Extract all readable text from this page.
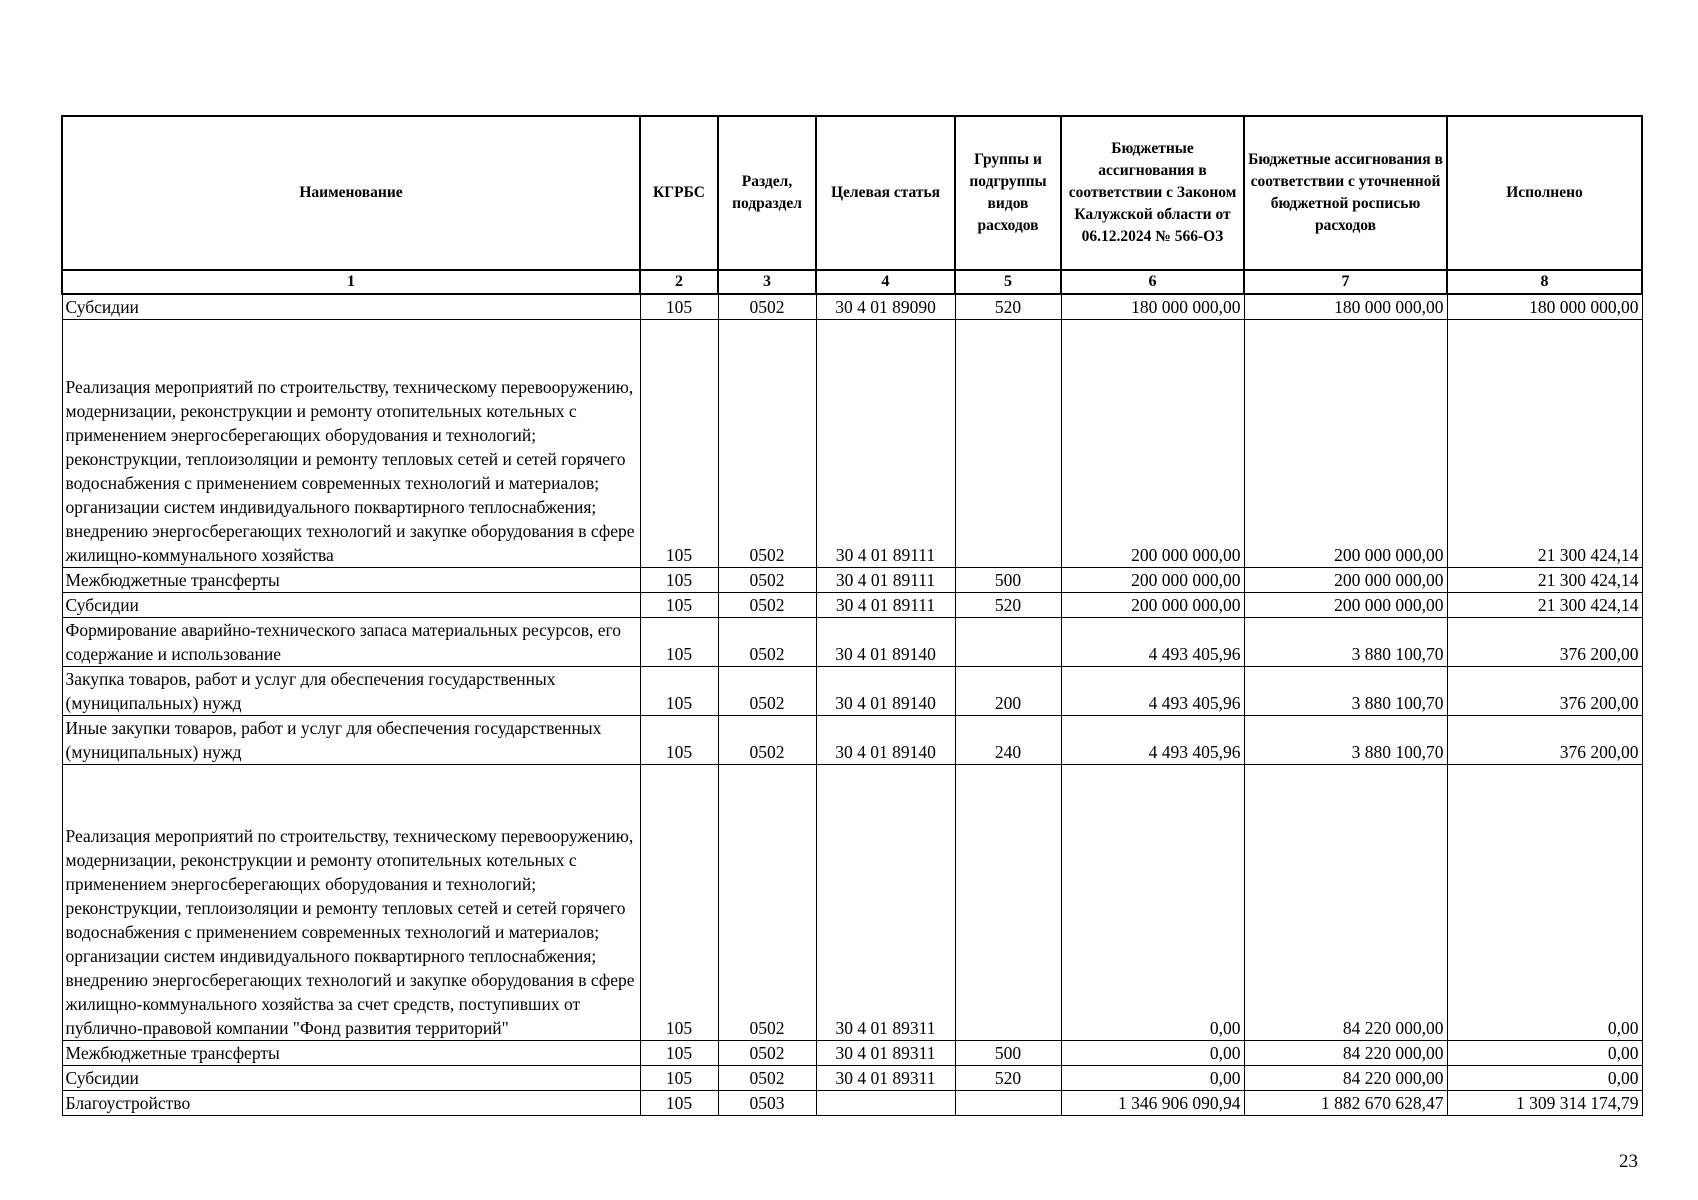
Наименование	КГРБС	Раздел, подраздел	Целевая статья	Группы и подгруппы видов расходов	Бюджетные ассигнования в соответствии с Законом Калужской области от 06.12.2024 № 566-ОЗ	Бюджетные ассигнования в соответствии с уточненной бюджетной росписью расходов	Исполнено
1	2	3	4	5	6	7	8
Субсидии	105	0502	30 4 01 89090	520	180 000 000,00	180 000 000,00	180 000 000,00
Реализация мероприятий по строительству, техническому перевооружению, модернизации, реконструкции и ремонту отопительных котельных с применением энергосберегающих оборудования и технологий; реконструкции, теплоизоляции и ремонту тепловых сетей и сетей горячего водоснабжения с применением современных технологий и материалов; организации систем индивидуального поквартирного теплоснабжения; внедрению энергосберегающих технологий и закупке оборудования в сфере жилищно-коммунального хозяйства	105	0502	30 4 01 89111		200 000 000,00	200 000 000,00	21 300 424,14
Межбюджетные трансферты	105	0502	30 4 01 89111	500	200 000 000,00	200 000 000,00	21 300 424,14
Субсидии	105	0502	30 4 01 89111	520	200 000 000,00	200 000 000,00	21 300 424,14
Формирование аварийно-технического запаса материальных ресурсов, его содержание и использование	105	0502	30 4 01 89140		4 493 405,96	3 880 100,70	376 200,00
Закупка товаров, работ и услуг для обеспечения государственных (муниципальных) нужд	105	0502	30 4 01 89140	200	4 493 405,96	3 880 100,70	376 200,00
Иные закупки товаров, работ и услуг для обеспечения государственных (муниципальных) нужд	105	0502	30 4 01 89140	240	4 493 405,96	3 880 100,70	376 200,00
Реализация мероприятий по строительству, техническому перевооружению, модернизации, реконструкции и ремонту отопительных котельных с применением энергосберегающих оборудования и технологий; реконструкции, теплоизоляции и ремонту тепловых сетей и сетей горячего водоснабжения с применением современных технологий и материалов; организации систем индивидуального поквартирного теплоснабжения; внедрению энергосберегающих технологий и закупке оборудования в сфере жилищно-коммунального хозяйства за счет средств, поступивших от публично-правовой компании "Фонд развития территорий"	105	0502	30 4 01 89311		0,00	84 220 000,00	0,00
Межбюджетные трансферты	105	0502	30 4 01 89311	500	0,00	84 220 000,00	0,00
Субсидии	105	0502	30 4 01 89311	520	0,00	84 220 000,00	0,00
Благоустройство	105	0503			1 346 906 090,94	1 882 670 628,47	1 309 314 174,79
23
